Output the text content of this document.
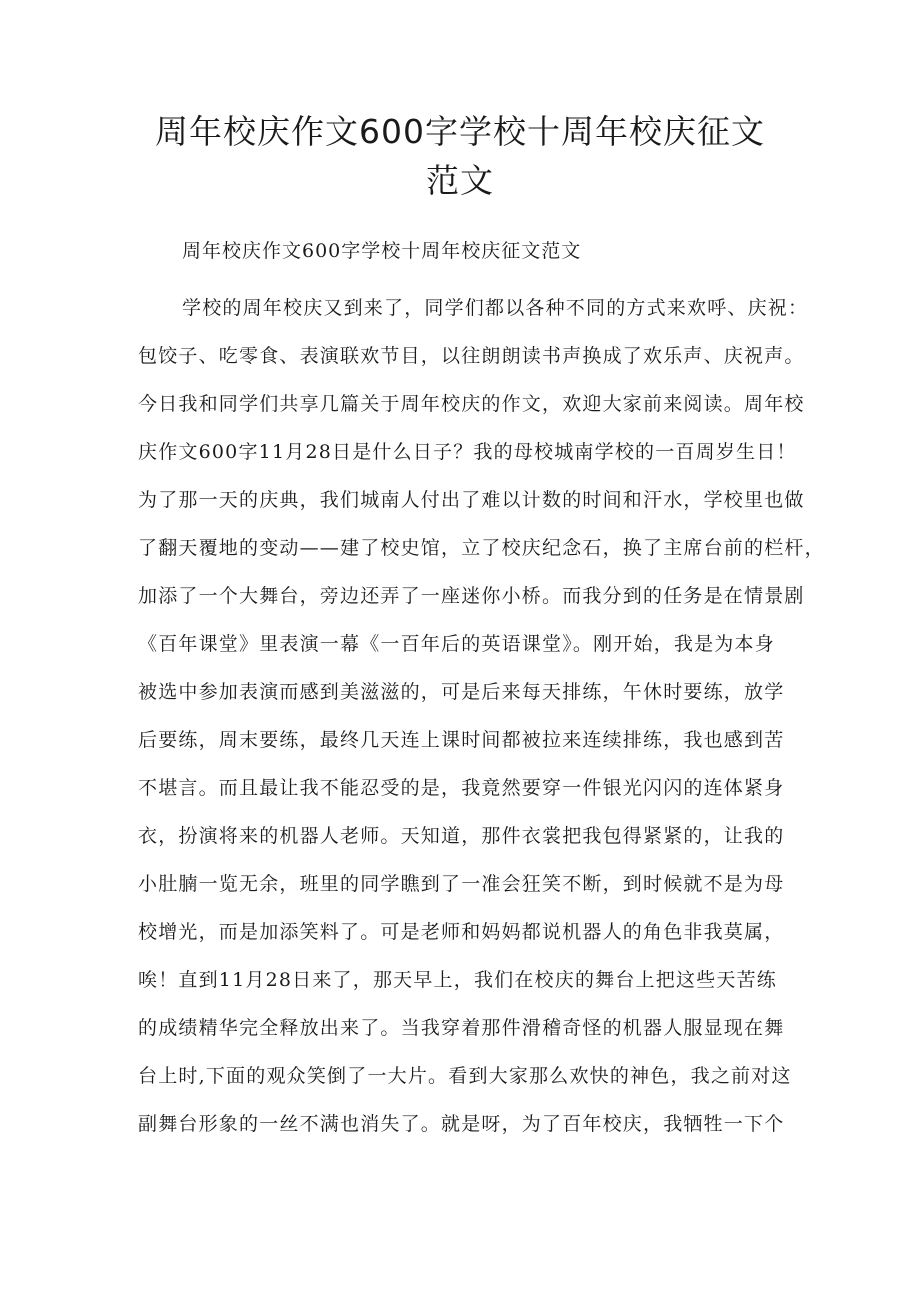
周年校庆作文600字学校十周年校庆征文
范文
周年校庆作文600字学校十周年校庆征文范文
学校的周年校庆又到来了，同学们都以各种不同的方式来欢呼、庆祝：
包饺子、吃零食、表演联欢节目，以往朗朗读书声换成了欢乐声、庆祝声。
今日我和同学们共享几篇关于周年校庆的作文，欢迎大家前来阅读。周年校
庆作文600字11月28日是什么日子？我的母校城南学校的一百周岁生日！
为了那一天的庆典，我们城南人付出了难以计数的时间和汗水，学校里也做
了翻天覆地的变动——建了校史馆，立了校庆纪念石，换了主席台前的栏杆，
加添了一个大舞台，旁边还弄了一座迷你小桥。而我分到的任务是在情景剧
《百年课堂》里表演一幕《一百年后的英语课堂》。刚开始，我是为本身
被选中参加表演而感到美滋滋的，可是后来每天排练，午休时要练，放学
后要练，周末要练，最终几天连上课时间都被拉来连续排练，我也感到苦
不堪言。而且最让我不能忍受的是，我竟然要穿一件银光闪闪的连体紧身
衣，扮演将来的机器人老师。天知道，那件衣裳把我包得紧紧的，让我的
小肚腩一览无余，班里的同学瞧到了一准会狂笑不断，到时候就不是为母
校增光，而是加添笑料了。可是老师和妈妈都说机器人的角色非我莫属，
唉！直到11月28日来了，那天早上，我们在校庆的舞台上把这些天苦练
的成绩精华完全释放出来了。当我穿着那件滑稽奇怪的机器人服显现在舞
台上时,下面的观众笑倒了一大片。看到大家那么欢快的神色，我之前对这
副舞台形象的一丝不满也消失了。就是呀，为了百年校庆，我牺牲一下个
